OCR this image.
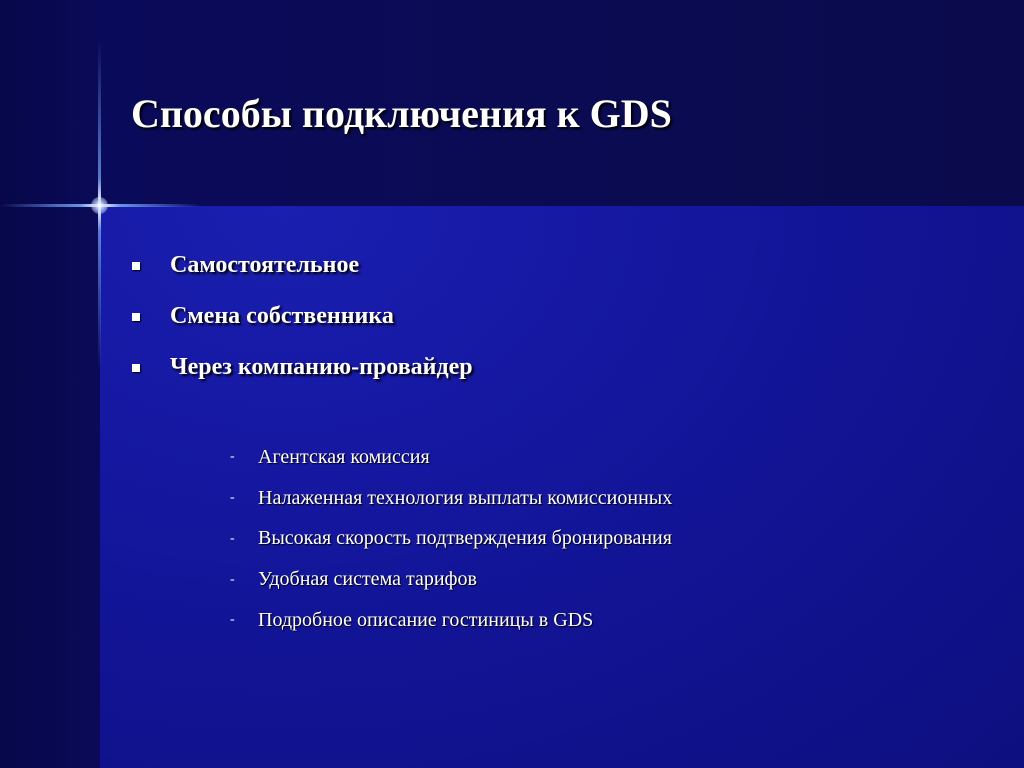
Способы подключения к GDS
Самостоятельное
Смена собственника
Через компанию-провайдер
-	Агентская комиссия
-	Налаженная технология выплаты комиссионных
-	Высокая скорость подтверждения бронирования
-	Удобная система тарифов
-	Подробное описание гостиницы в GDS
